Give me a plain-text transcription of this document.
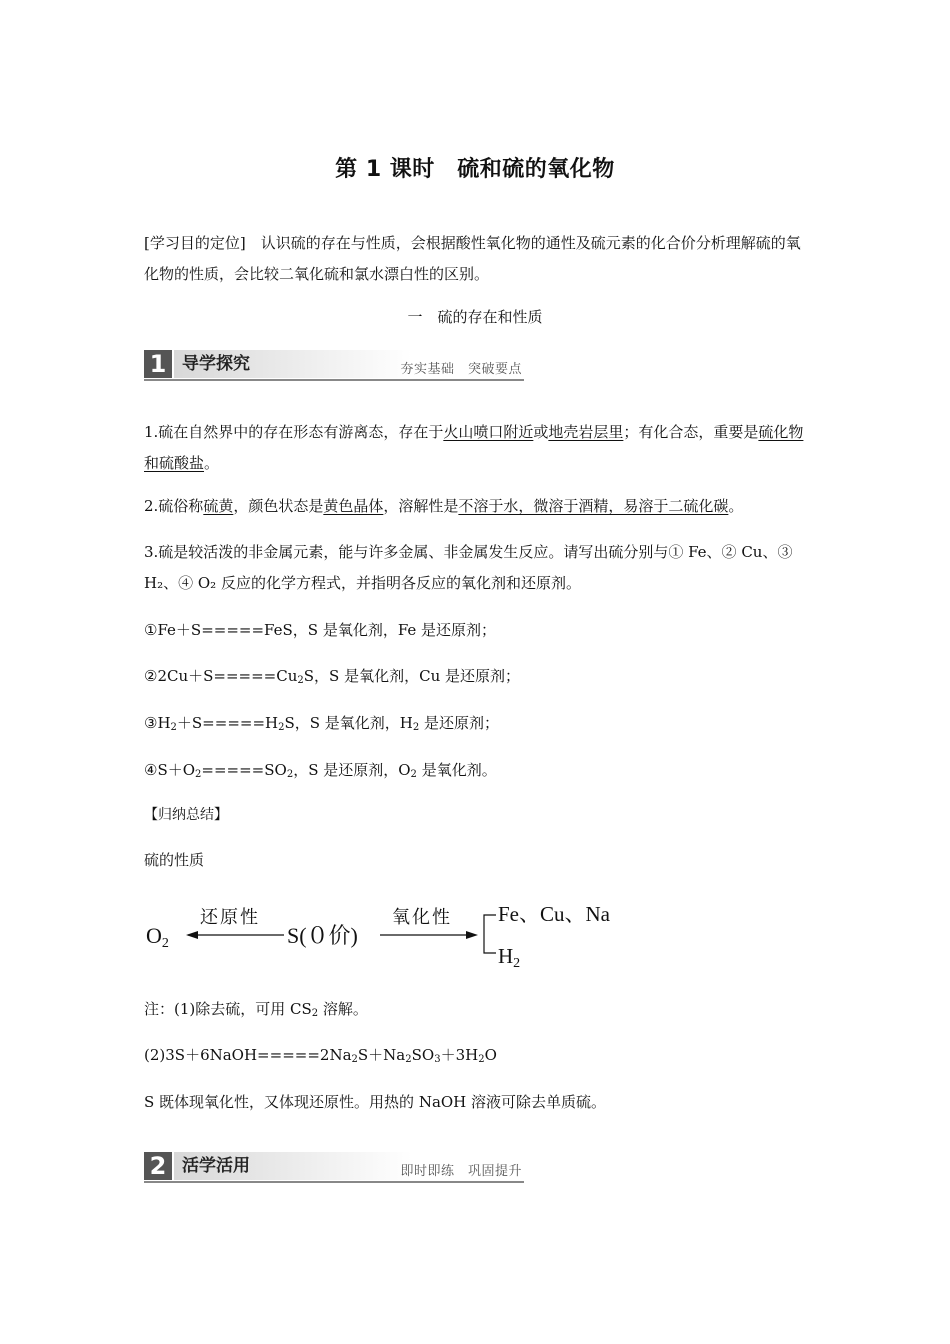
第 1 课时　硫和硫的氧化物
[学习目的定位]　认识硫的存在与性质，会根据酸性氧化物的通性及硫元素的化合价分析理解硫的氧化物的性质，会比较二氧化硫和氯水漂白性的区别。
一　硫的存在和性质
1 导学探究	夯实基础　突破要点
1.硫在自然界中的存在形态有游离态，存在于火山喷口附近或地壳岩层里；有化合态，重要是硫化物和硫酸盐。
2.硫俗称硫黄，颜色状态是黄色晶体，溶解性是不溶于水，微溶于酒精，易溶于二硫化碳。
3.硫是较活泼的非金属元素，能与许多金属、非金属发生反应。请写出硫分别与① Fe、② Cu、③ H₂、④ O₂ 反应的化学方程式，并指明各反应的氧化剂和还原剂。
①Fe＋S=====FeS，S 是氧化剂，Fe 是还原剂；
$②2Cu+S=====Cu_2S$，S 是氧化剂，Cu 是还原剂；
$③H_2+S=====H_2S$，S 是氧化剂，$H_2$ 是还原剂；
$④S+O_2=====SO_2$，S 是还原剂，$O_2$ 是氧化剂。
【归纳总结】
硫的性质
O2
还原性
S(０价)
氧化性 Fe、Cu、Na
H2
注：(1)除去硫，可用 $CS_2$ 溶解。
$(2)3S+6NaOH=====2Na_2S+Na_2SO_3+3H_2O$
S 既体现氧化性，又体现还原性。用热的 NaOH 溶液可除去单质硫。
2 活学活用	即时即练　巩固提升
